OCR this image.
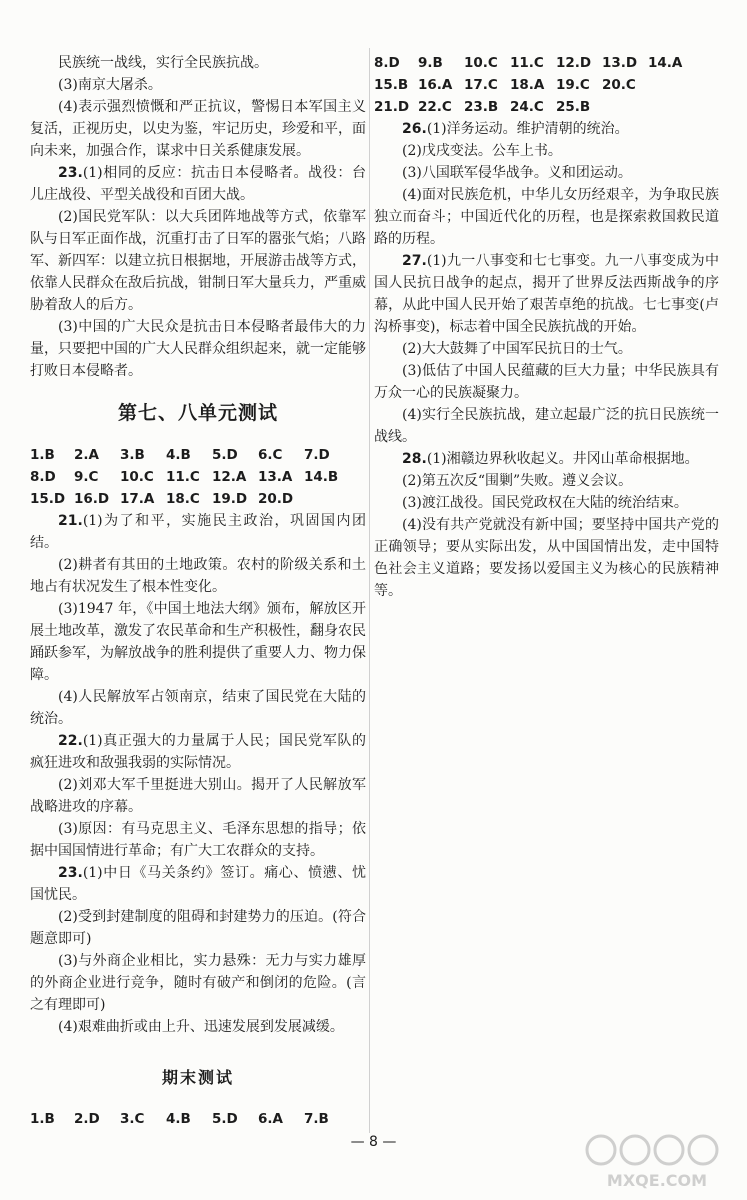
民族统一战线，实行全民族抗战。

(3)南京大屠杀。

(4)表示强烈愤慨和严正抗议，警惕日本军国主义复活，正视历史，以史为鉴，牢记历史，珍爱和平，面向未来，加强合作，谋求中日关系健康发展。

23.(1)相同的反应：抗击日本侵略者。战役：台儿庄战役、平型关战役和百团大战。

(2)国民党军队：以大兵团阵地战等方式，依靠军队与日军正面作战，沉重打击了日军的嚣张气焰；八路军、新四军：以建立抗日根据地，开展游击战等方式，依靠人民群众在敌后抗战，钳制日军大量兵力，严重威胁着敌人的后方。

(3)中国的广大民众是抗击日本侵略者最伟大的力量，只要把中国的广大人民群众组织起来，就一定能够打败日本侵略者。

第七、八单元测试
1.B 2.A 3.B 4.B 5.D 6.C 7.D
8.D 9.C 10.C 11.C 12.A 13.A 14.B
15.D 16.D 17.A 18.C 19.D 20.D

21.(1)为了和平，实施民主政治，巩固国内团结。

(2)耕者有其田的土地政策。农村的阶级关系和土地占有状况发生了根本性变化。

(3)1947 年，《中国土地法大纲》颁布，解放区开展土地改革，激发了农民革命和生产积极性，翻身农民踊跃参军，为解放战争的胜利提供了重要人力、物力保障。

(4)人民解放军占领南京，结束了国民党在大陆的统治。

22.(1)真正强大的力量属于人民；国民党军队的疯狂进攻和敌强我弱的实际情况。

(2)刘邓大军千里挺进大别山。揭开了人民解放军战略进攻的序幕。

(3)原因：有马克思主义、毛泽东思想的指导；依据中国国情进行革命；有广大工农群众的支持。

23.(1)中日《马关条约》签订。痛心、愤懑、忧国忧民。

(2)受到封建制度的阻碍和封建势力的压迫。(符合题意即可)

(3)与外商企业相比，实力悬殊：无力与实力雄厚的外商企业进行竞争，随时有破产和倒闭的危险。(言之有理即可)

(4)艰难曲折或由上升、迅速发展到发展减缓。

期末测试
1.B 2.D 3.C 4.B 5.D 6.A 7.B
8.D 9.B 10.C 11.C 12.D 13.D 14.A
15.B 16.A 17.C 18.A 19.C 20.C
21.D 22.C 23.B 24.C 25.B

26.(1)洋务运动。维护清朝的统治。

(2)戊戌变法。公车上书。

(3)八国联军侵华战争。义和团运动。

(4)面对民族危机，中华儿女历经艰辛，为争取民族独立而奋斗；中国近代化的历程，也是探索救国救民道路的历程。

27.(1)九一八事变和七七事变。九一八事变成为中国人民抗日战争的起点，揭开了世界反法西斯战争的序幕，从此中国人民开始了艰苦卓绝的抗战。七七事变(卢沟桥事变)，标志着中国全民族抗战的开始。

(2)大大鼓舞了中国军民抗日的士气。

(3)低估了中国人民蕴藏的巨大力量；中华民族具有万众一心的民族凝聚力。

(4)实行全民族抗战，建立起最广泛的抗日民族统一战线。

28.(1)湘赣边界秋收起义。井冈山革命根据地。

(2)第五次反“围剿”失败。遵义会议。

(3)渡江战役。国民党政权在大陆的统治结束。

(4)没有共产党就没有新中国；要坚持中国共产党的正确领导；要从实际出发，从中国国情出发，走中国特色社会主义道路；要发扬以爱国主义为核心的民族精神等。

— 8 —
MXQE.COM
